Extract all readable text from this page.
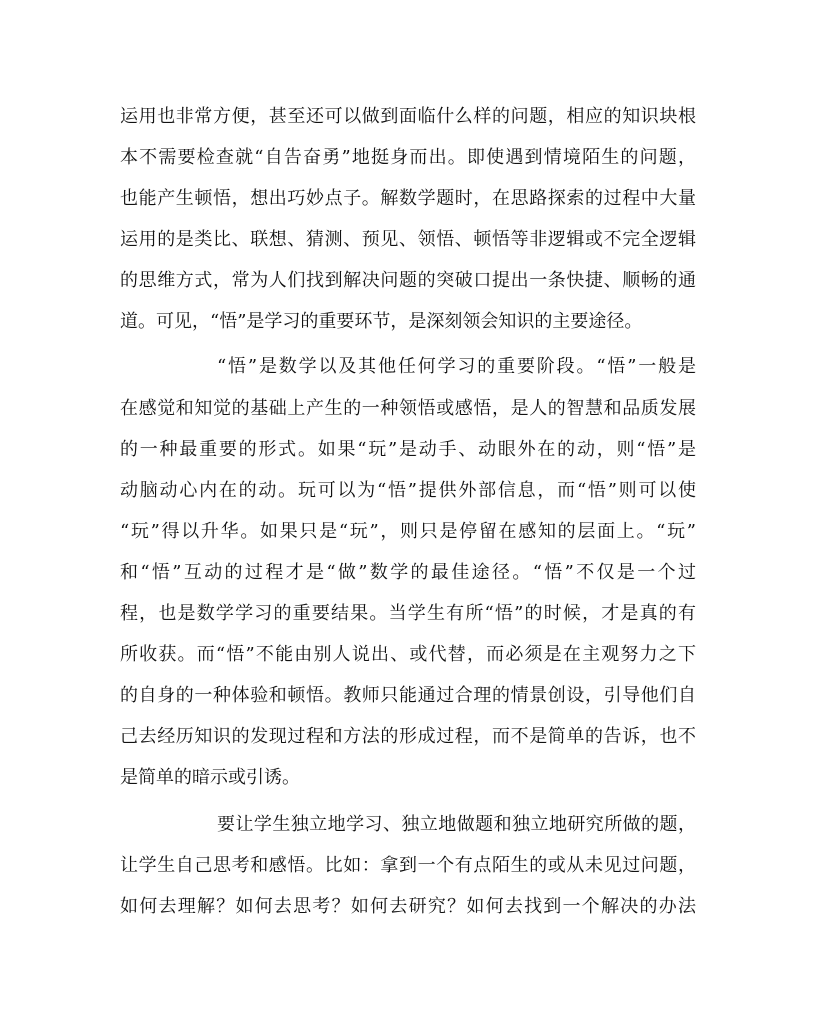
运用也非常方便，甚至还可以做到面临什么样的问题，相应的知识块根
本不需要检查就“自告奋勇”地挺身而出。即使遇到情境陌生的问题，
也能产生顿悟，想出巧妙点子。解数学题时，在思路探索的过程中大量
运用的是类比、联想、猜测、预见、领悟、顿悟等非逻辑或不完全逻辑
的思维方式，常为人们找到解决问题的突破口提出一条快捷、顺畅的通
道。可见，“悟”是学习的重要环节，是深刻领会知识的主要途径。
“悟”是数学以及其他任何学习的重要阶段。“悟”一般是
在感觉和知觉的基础上产生的一种领悟或感悟，是人的智慧和品质发展
的一种最重要的形式。如果“玩”是动手、动眼外在的动，则“悟”是
动脑动心内在的动。玩可以为“悟”提供外部信息，而“悟”则可以使
“玩”得以升华。如果只是“玩”，则只是停留在感知的层面上。“玩”
和“悟”互动的过程才是“做”数学的最佳途径。“悟”不仅是一个过
程，也是数学学习的重要结果。当学生有所“悟”的时候，才是真的有
所收获。而“悟”不能由别人说出、或代替，而必须是在主观努力之下
的自身的一种体验和顿悟。教师只能通过合理的情景创设，引导他们自
己去经历知识的发现过程和方法的形成过程，而不是简单的告诉，也不
是简单的暗示或引诱。
要让学生独立地学习、独立地做题和独立地研究所做的题，
让学生自己思考和感悟。比如：拿到一个有点陌生的或从未见过问题，
如何去理解？如何去思考？如何去研究？如何去找到一个解决的办法
